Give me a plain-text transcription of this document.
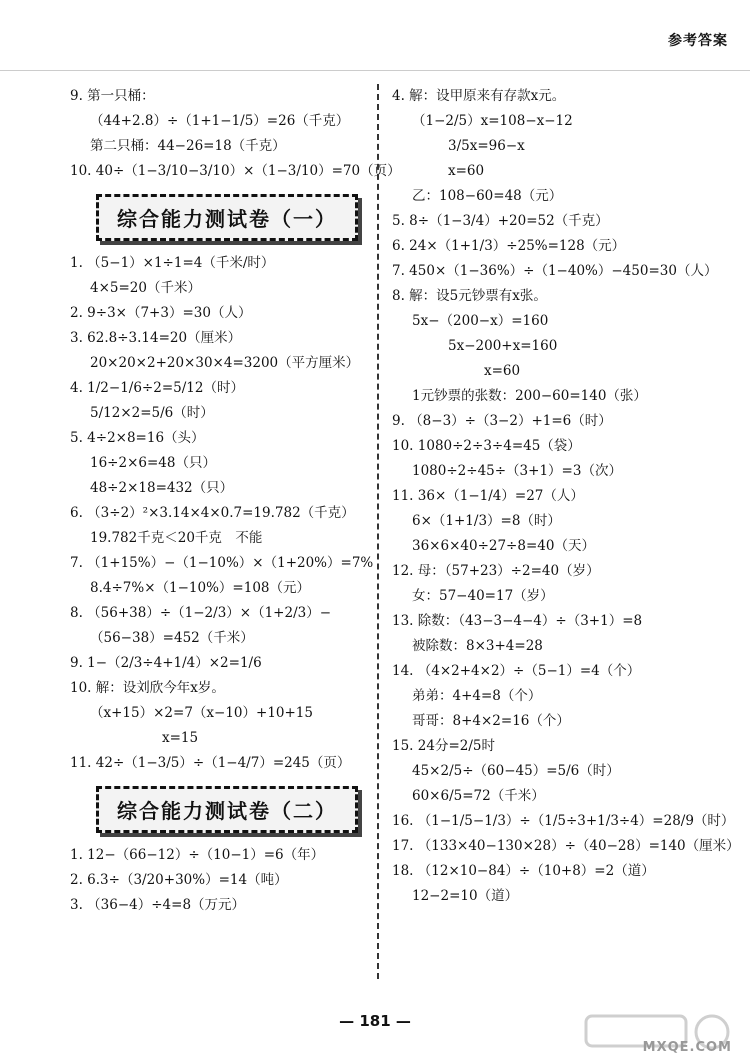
参考答案
9. 第一只桶：
（44+2.8）÷（1+1−1/5）=26（千克）
第二只桶：44−26=18（千克）
10. 40÷（1−3/10−3/10）×（1−3/10）=70（页）
综合能力测试卷（一）
1. （5−1）×1÷1=4（千米/时）
4×5=20（千米）
2. 9÷3×（7+3）=30（人）
3. 62.8÷3.14=20（厘米）
20×20×2+20×30×4=3200（平方厘米）
4. 1/2−1/6÷2=5/12（时）
5/12×2=5/6（时）
5. 4÷2×8=16（头）
16÷2×6=48（只）
48÷2×18=432（只）
6. （3÷2）²×3.14×4×0.7=19.782（千克）
19.782千克＜20千克　不能
7. （1+15%）−（1−10%）×（1+20%）=7%
8.4÷7%×（1−10%）=108（元）
8. （56+38）÷（1−2/3）×（1+2/3）−
（56−38）=452（千米）
9. 1−（2/3÷4+1/4）×2=1/6
10. 解：设刘欣今年x岁。
（x+15）×2=7（x−10）+10+15
x=15
11. 42÷（1−3/5）÷（1−4/7）=245（页）
综合能力测试卷（二）
1. 12−（66−12）÷（10−1）=6（年）
2. 6.3÷（3/20+30%）=14（吨）
3. （36−4）÷4=8（万元）
4. 解：设甲原来有存款x元。
（1−2/5）x=108−x−12
3/5x=96−x
x=60
乙：108−60=48（元）
5. 8÷（1−3/4）+20=52（千克）
6. 24×（1+1/3）÷25%=128（元）
7. 450×（1−36%）÷（1−40%）−450=30（人）
8. 解：设5元钞票有x张。
5x−（200−x）=160
5x−200+x=160
x=60
1元钞票的张数：200−60=140（张）
9. （8−3）÷（3−2）+1=6（时）
10. 1080÷2÷3÷4=45（袋）
1080÷2÷45÷（3+1）=3（次）
11. 36×（1−1/4）=27（人）
6×（1+1/3）=8（时）
36×6×40÷27÷8=40（天）
12. 母：（57+23）÷2=40（岁）
女：57−40=17（岁）
13. 除数：（43−3−4−4）÷（3+1）=8
被除数：8×3+4=28
14. （4×2+4×2）÷（5−1）=4（个）
弟弟：4+4=8（个）
哥哥：8+4×2=16（个）
15. 24分=2/5时
45×2/5÷（60−45）=5/6（时）
60×6/5=72（千米）
16. （1−1/5−1/3）÷（1/5÷3+1/3÷4）=28/9（时）
17. （133×40−130×28）÷（40−28）=140（厘米）
18. （12×10−84）÷（10+8）=2（道）
12−2=10（道）
— 181 —
MXQE.COM
